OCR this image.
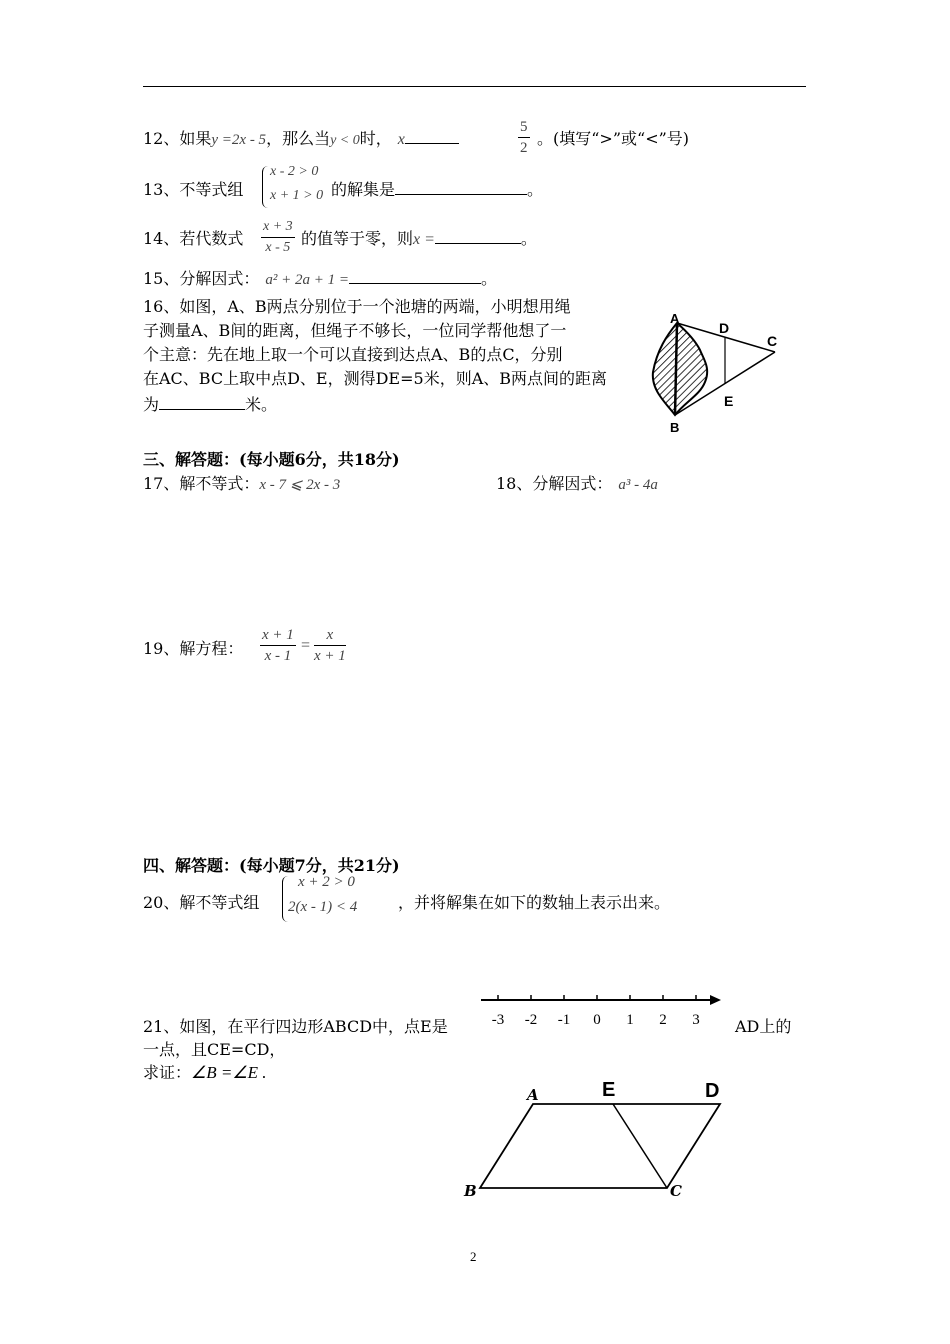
12、如果y =2x - 5，那么当y < 0时， x	$\frac{5}{2}$ 。(填写“>”或“<”号)
13、不等式组
x - 2 > 0
x + 1 > 0 的解集是	。
14、若代数式 $\frac{x + 3}{x - 5}$ 的值等于零，则x =	。
15、分解因式： a² + 2a + 1 =	。
16、如图，A、B两点分别位于一个池塘的两端，小明想用绳
子测量A、B间的距离，但绳子不够长，一位同学帮他想了一
个主意：先在地上取一个可以直接到达点A、B的点C，分别
在AC、BC上取中点D、E，测得DE=5米，则A、B两点间的距离
为	米。
A
B
C
D
E
三、解答题：(每小题6分，共18分)
17、解不等式：x - 7 ⩽ 2x - 3	18、分解因式： a³ - 4a
19、解方程： $\frac{x + 1}{x - 1} = \frac{x}{x + 1}$
四、解答题：(每小题7分，共21分)
20、解不等式组
x + 2 > 0
2(x - 1) < 4	，并将解集在如下的数轴上表示出来。
-3 -2 -1 0 1 2 3
21、如图，在平行四边形ABCD中，点E是	AD上的
一点，且CE=CD，
求证：∠B =∠E .
A	E	D
B	C
2
